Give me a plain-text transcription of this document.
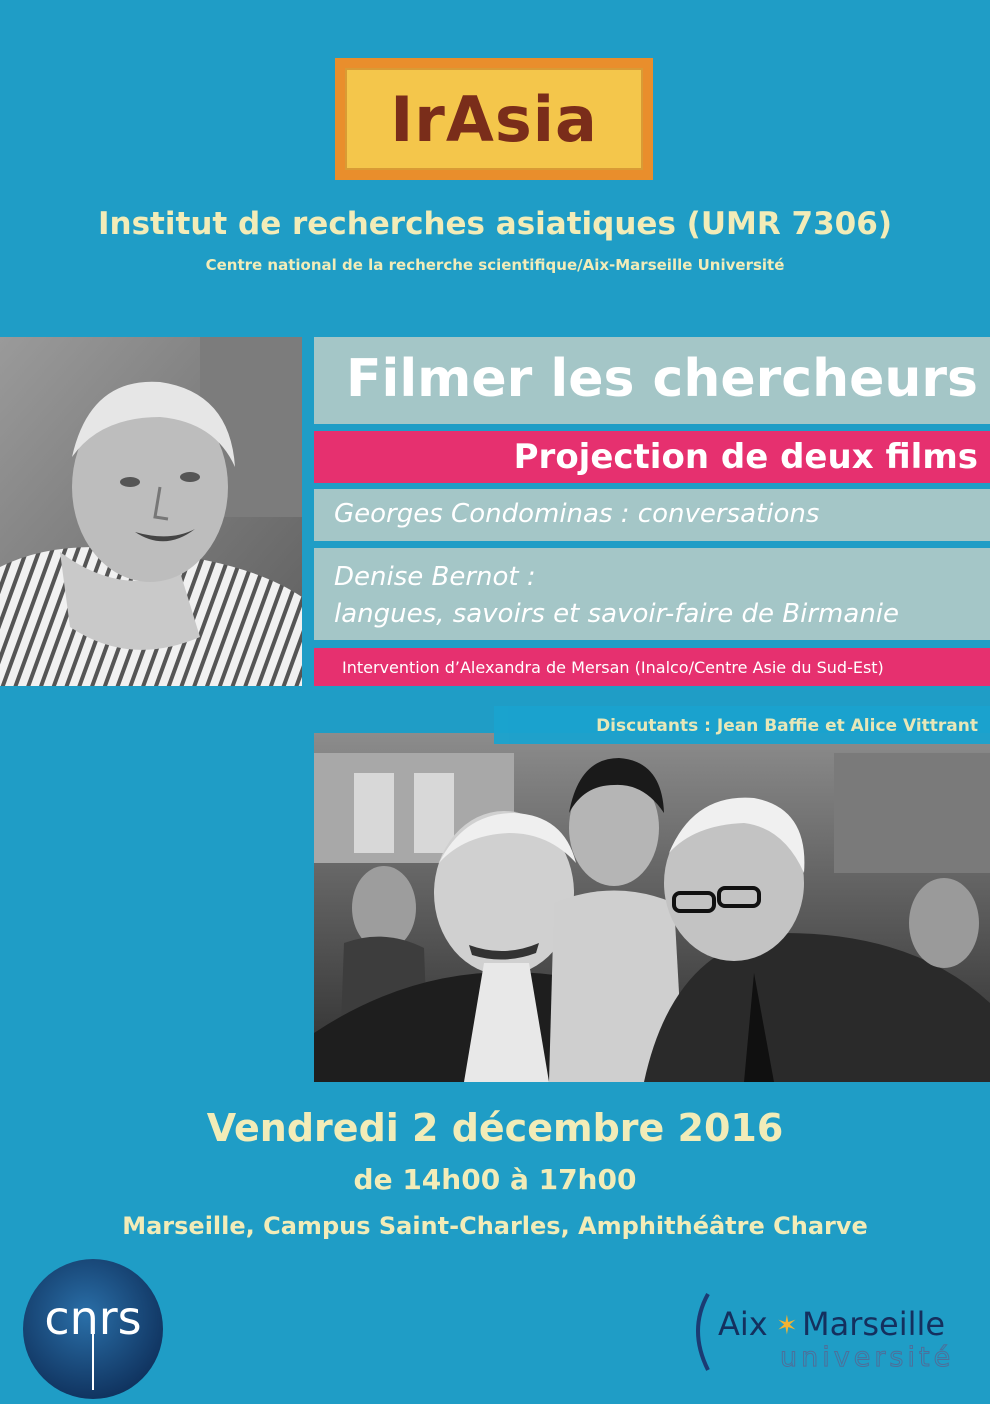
IrAsia
Institut de recherches asiatiques (UMR 7306)
Centre national de la recherche scientifique/Aix-Marseille Université
Filmer les chercheurs
Projection de deux films
Georges Condominas : conversations
Denise Bernot :
langues, savoirs et savoir-faire de Birmanie
Intervention d’Alexandra de Mersan (Inalco/Centre Asie du Sud-Est)
Discutants : Jean Baffie et Alice Vittrant
Vendredi 2 décembre 2016
de 14h00 à 17h00
Marseille, Campus Saint-Charles, Amphithéâtre Charve
cnrs	Aix ✶ Marseille
université
